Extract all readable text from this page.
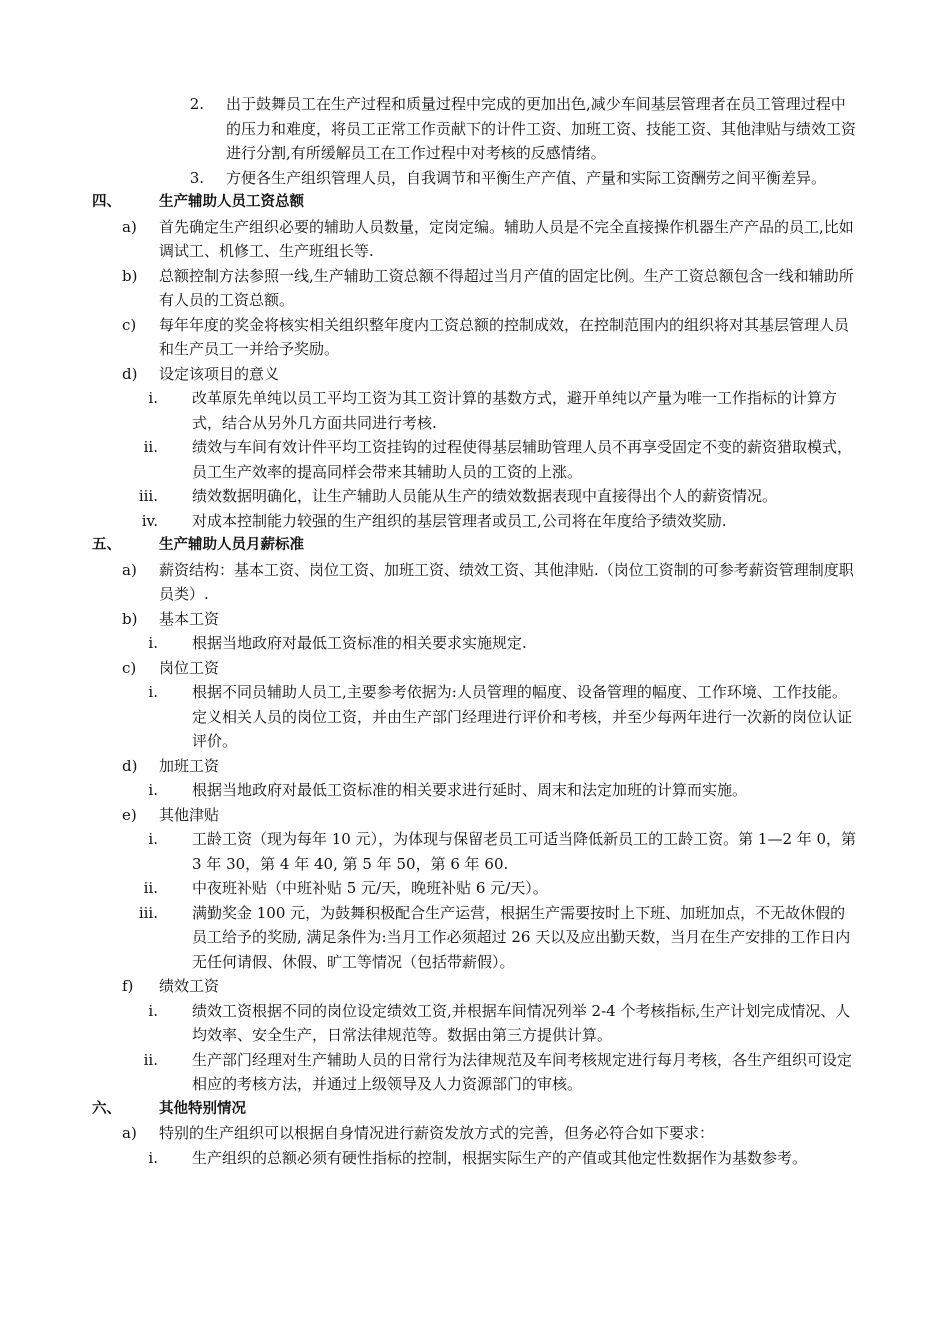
2. 出于鼓舞员工在生产过程和质量过程中完成的更加出色,减少车间基层管理者在员工管理过程中的压力和难度，将员工正常工作贡献下的计件工资、加班工资、技能工资、其他津贴与绩效工资进行分割,有所缓解员工在工作过程中对考核的反感情绪。
3. 方便各生产组织管理人员，自我调节和平衡生产产值、产量和实际工资酬劳之间平衡差异。
四、	生产辅助人员工资总额
a) 首先确定生产组织必要的辅助人员数量，定岗定编。辅助人员是不完全直接操作机器生产产品的员工,比如调试工、机修工、生产班组长等.
b) 总额控制方法参照一线,生产辅助工资总额不得超过当月产值的固定比例。生产工资总额包含一线和辅助所有人员的工资总额。
c) 每年年度的奖金将核实相关组织整年度内工资总额的控制成效，在控制范围内的组织将对其基层管理人员和生产员工一并给予奖励。
d) 设定该项目的意义
i. 改革原先单纯以员工平均工资为其工资计算的基数方式，避开单纯以产量为唯一工作指标的计算方式，结合从另外几方面共同进行考核.
ii. 绩效与车间有效计件平均工资挂钩的过程使得基层辅助管理人员不再享受固定不变的薪资猎取模式，员工生产效率的提高同样会带来其辅助人员的工资的上涨。
iii. 绩效数据明确化，让生产辅助人员能从生产的绩效数据表现中直接得出个人的薪资情况。
iv. 对成本控制能力较强的生产组织的基层管理者或员工,公司将在年度给予绩效奖励.
五、	生产辅助人员月薪标准
a) 薪资结构：基本工资、岗位工资、加班工资、绩效工资、其他津贴.（岗位工资制的可参考薪资管理制度职员类）.
b) 基本工资
i. 根据当地政府对最低工资标准的相关要求实施规定.
c) 岗位工资
i. 根据不同员辅助人员工,主要参考依据为:人员管理的幅度、设备管理的幅度、工作环境、工作技能。定义相关人员的岗位工资，并由生产部门经理进行评价和考核，并至少每两年进行一次新的岗位认证评价。
d) 加班工资
i. 根据当地政府对最低工资标准的相关要求进行延时、周末和法定加班的计算而实施。
e) 其他津贴
i. 工龄工资（现为每年 10 元），为体现与保留老员工可适当降低新员工的工龄工资。第 1—2 年 0，第 3 年 30，第 4 年 40, 第 5 年 50，第 6 年 60.
ii. 中夜班补贴（中班补贴 5 元/天，晚班补贴 6 元/天）。
iii. 满勤奖金 100 元，为鼓舞积极配合生产运营，根据生产需要按时上下班、加班加点，不无故休假的员工给予的奖励, 满足条件为:当月工作必须超过 26 天以及应出勤天数，当月在生产安排的工作日内无任何请假、休假、旷工等情况（包括带薪假）。
f)	绩效工资
i. 绩效工资根据不同的岗位设定绩效工资,并根据车间情况列举 2-4 个考核指标,生产计划完成情况、人均效率、安全生产，日常法律规范等。数据由第三方提供计算。
ii. 生产部门经理对生产辅助人员的日常行为法律规范及车间考核规定进行每月考核，各生产组织可设定相应的考核方法，并通过上级领导及人力资源部门的审核。
六、	其他特别情况
a) 特别的生产组织可以根据自身情况进行薪资发放方式的完善，但务必符合如下要求：
i. 生产组织的总额必须有硬性指标的控制，根据实际生产的产值或其他定性数据作为基数参考。
